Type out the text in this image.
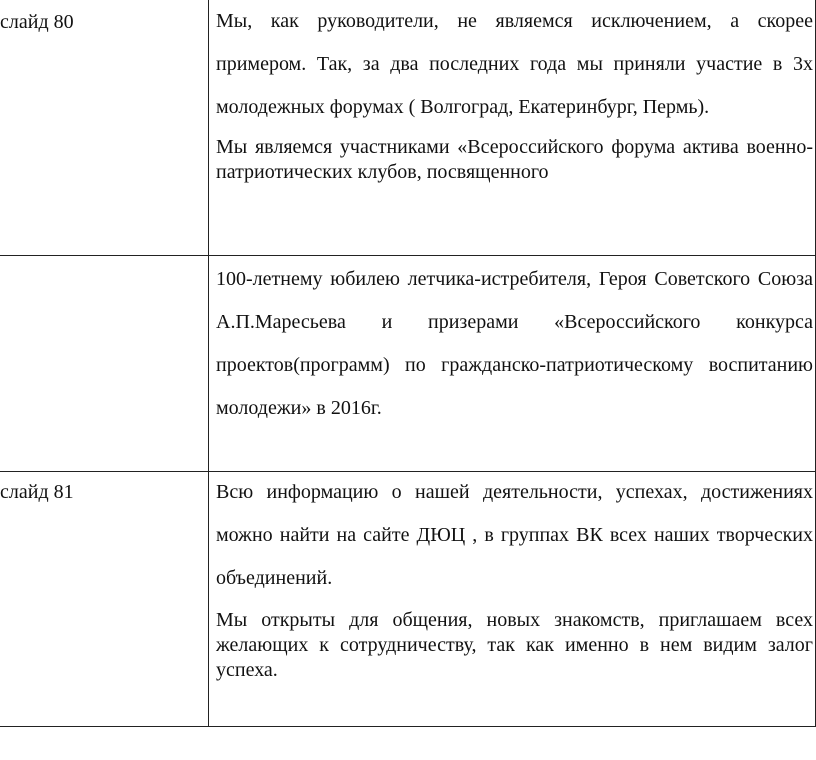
слайд 80	Мы, как руководители, не являемся исключением, а скорее примером. Так, за два последних года мы приняли участие в 3х молодежных форумах ( Волгоград, Екатеринбург, Пермь).

Мы являемся участниками «Всероссийского форума актива военно-патриотических клубов, посвященного

100-летнему юбилею летчика-истребителя, Героя Советского Союза А.П.Маресьева и призерами «Всероссийского конкурса проектов(программ) по гражданско-патриотическому воспитанию молодежи» в 2016г.

слайд 81	Всю информацию о нашей деятельности, успехах, достижениях можно найти на сайте ДЮЦ , в группах ВК всех наших творческих объединений.

Мы открыты для общения, новых знакомств, приглашаем всех желающих к сотрудничеству, так как именно в нем видим залог успеха.
